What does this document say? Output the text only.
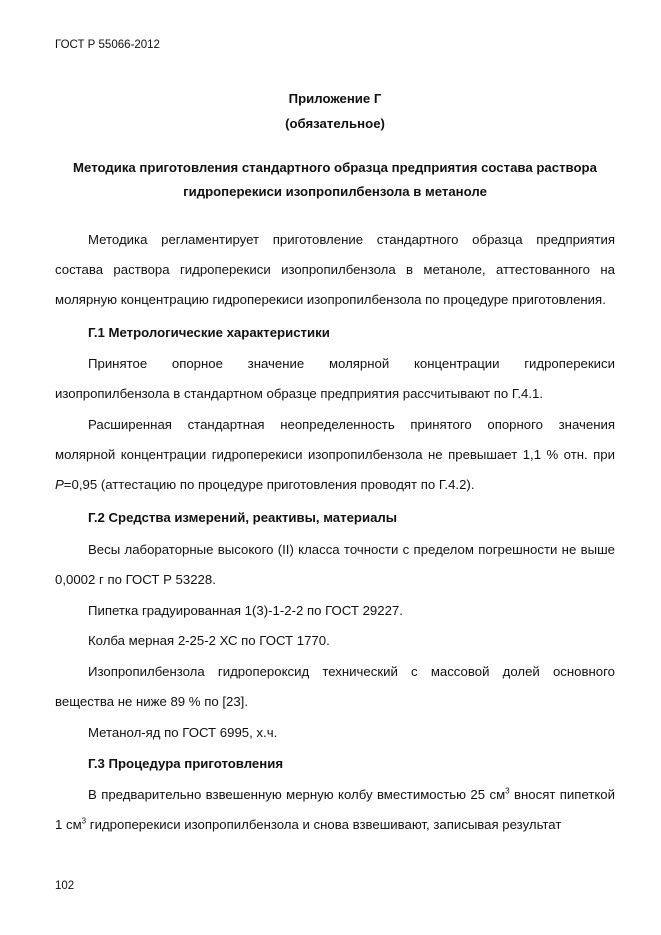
ГОСТ Р 55066-2012
Приложение Г
(обязательное)
Методика приготовления стандартного образца предприятия состава раствора
гидроперекиси изопропилбензола в метаноле
Методика регламентирует приготовление стандартного образца предприятия состава раствора гидроперекиси изопропилбензола в метаноле, аттестованного на молярную концентрацию гидроперекиси изопропилбензола по процедуре приготовления.
Г.1 Метрологические характеристики
Принятое опорное значение молярной концентрации гидроперекиси изопропилбензола в стандартном образце предприятия рассчитывают по Г.4.1.
Расширенная стандартная неопределенность принятого опорного значения молярной концентрации гидроперекиси изопропилбензола не превышает 1,1 % отн. при P=0,95 (аттестацию по процедуре приготовления проводят по Г.4.2).
Г.2 Средства измерений, реактивы, материалы
Весы лабораторные высокого (II) класса точности с пределом погрешности не выше 0,0002 г по ГОСТ Р 53228.
Пипетка градуированная 1(3)-1-2-2 по ГОСТ 29227.
Колба мерная 2-25-2 ХС по ГОСТ 1770.
Изопропилбензола гидропероксид технический с массовой долей основного вещества не ниже 89 % по [23].
Метанол-яд по ГОСТ 6995, х.ч.
Г.3 Процедура приготовления
В предварительно взвешенную мерную колбу вместимостью 25 $см^3$ вносят пипеткой 1 $см^3$ гидроперекиси изопропилбензола и снова взвешивают, записывая результат
102
